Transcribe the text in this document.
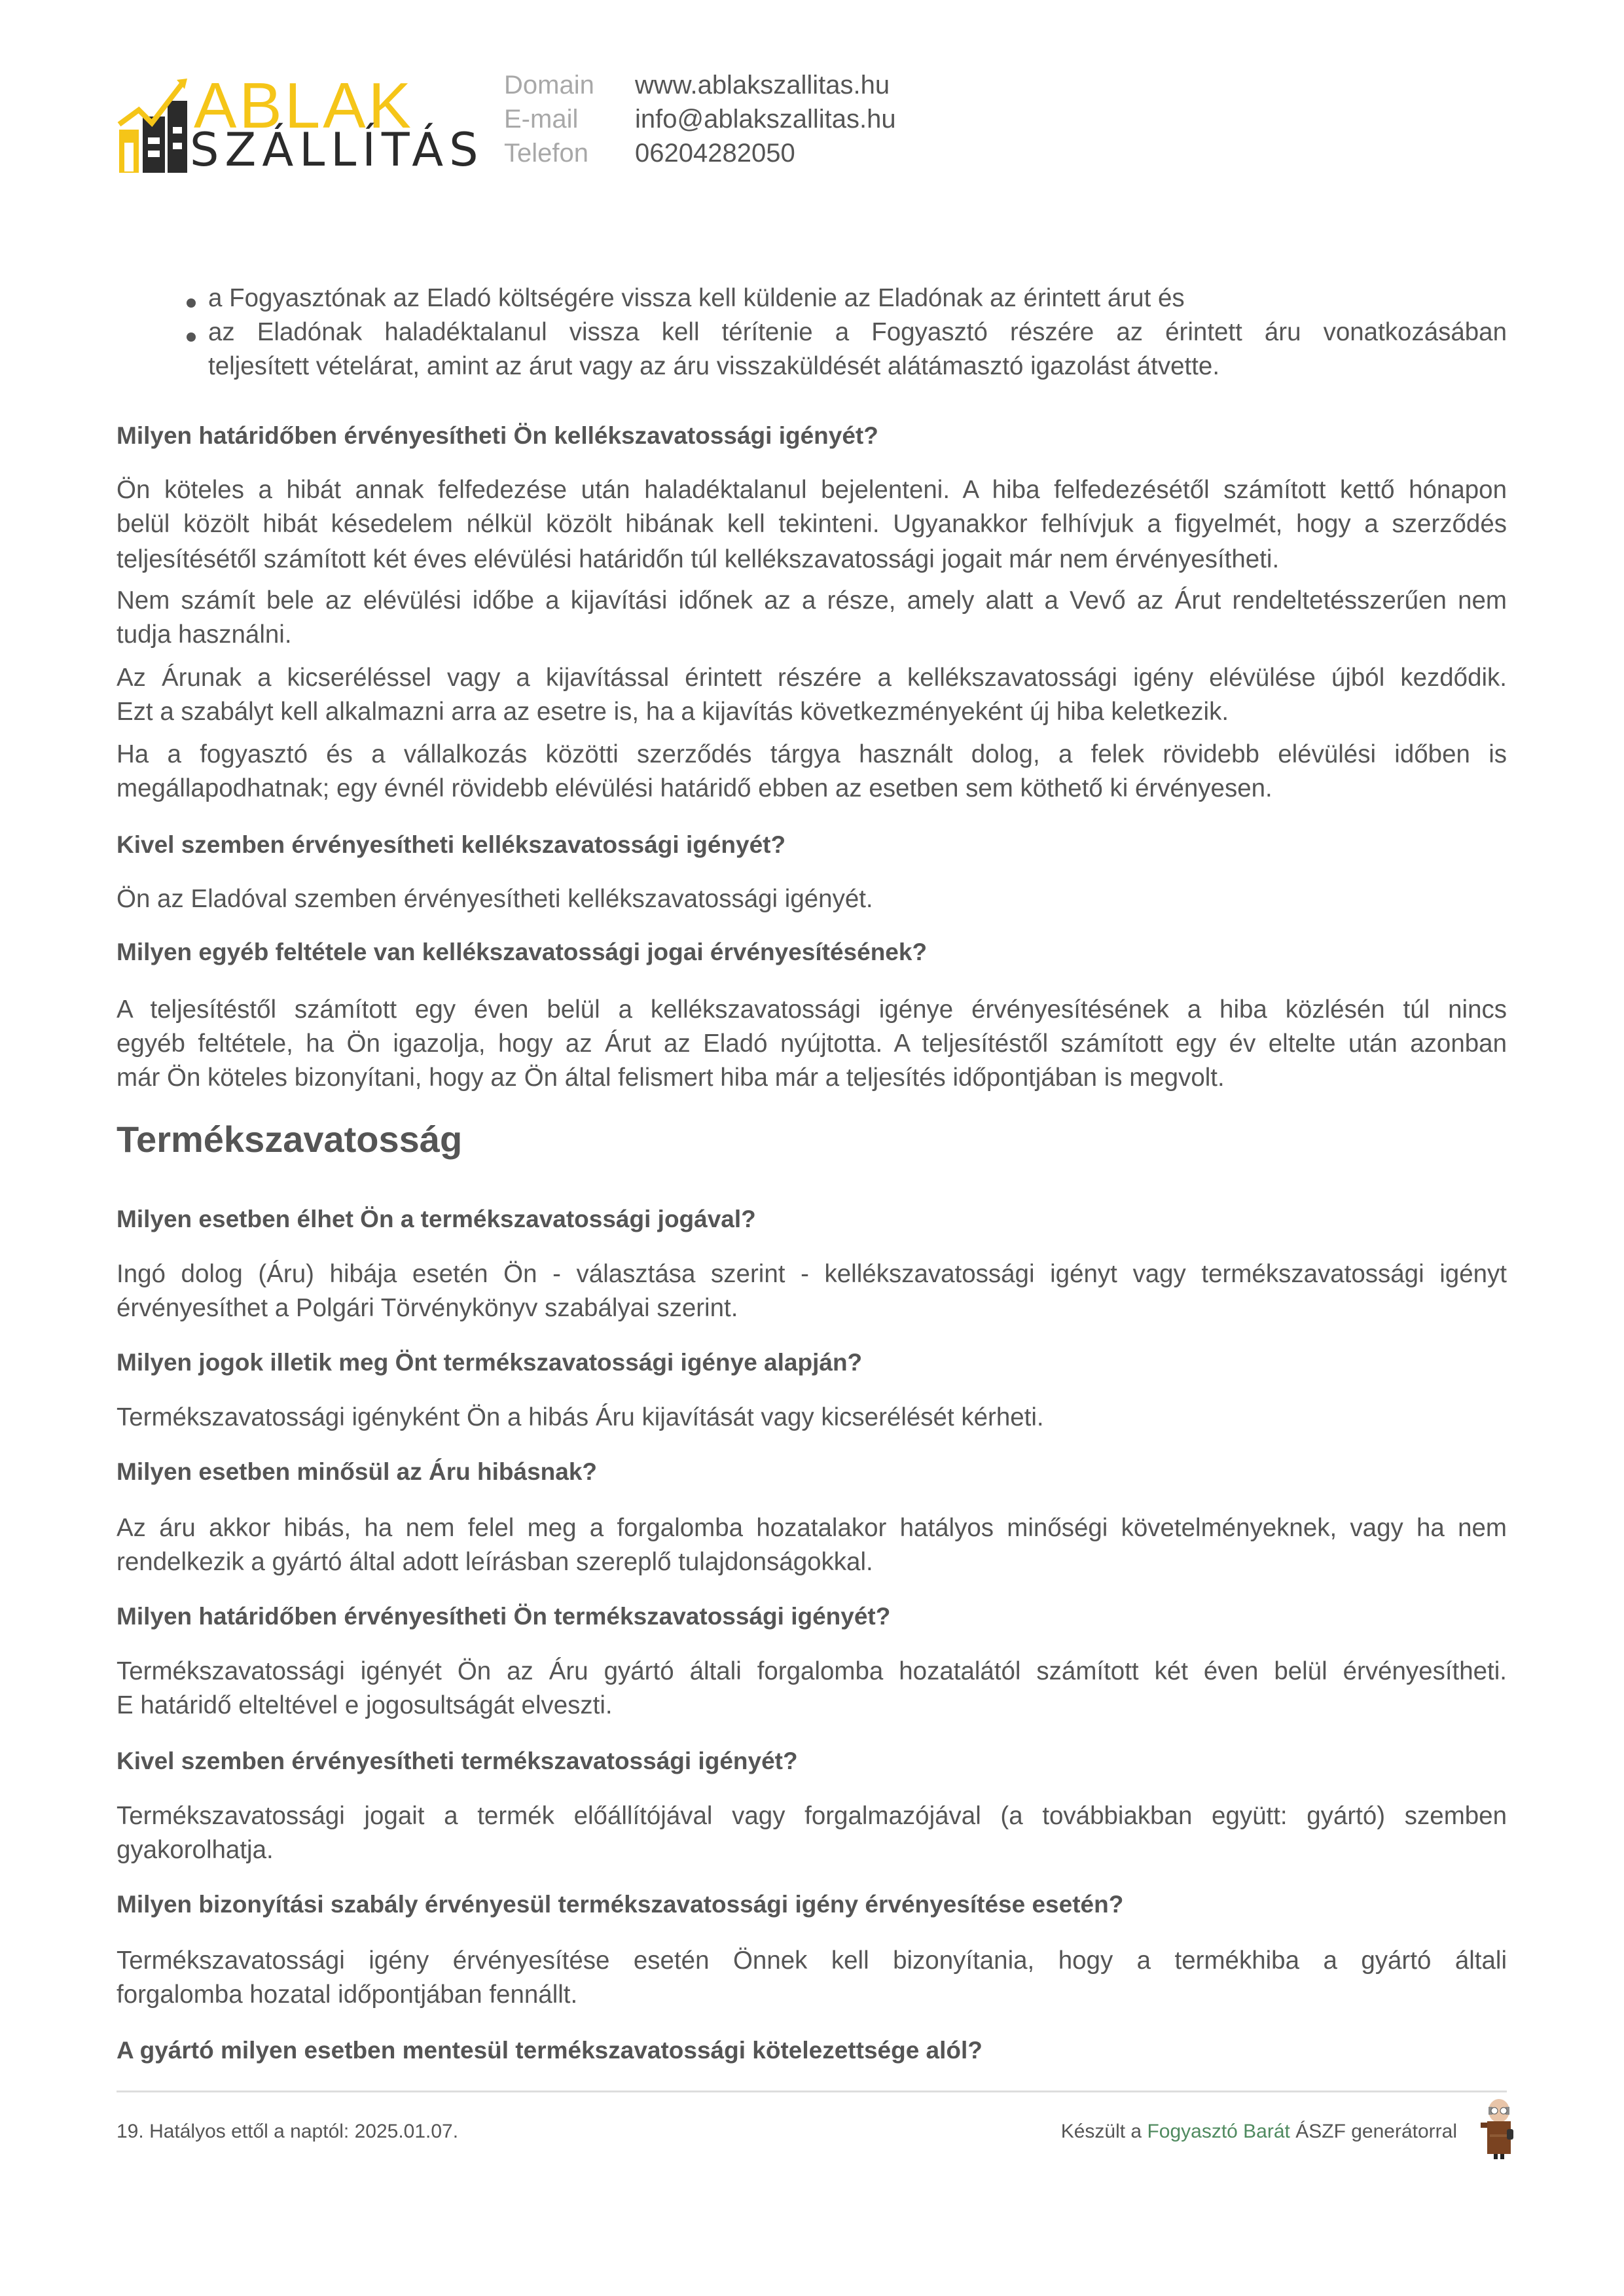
ABLAK
SZÁLLÍTÁS
Domain	www.ablakszallitas.hu
E-mail	info@ablakszallitas.hu
Telefon	06204282050
a Fogyasztónak az Eladó költségére vissza kell küldenie az Eladónak az érintett árut és
az Eladónak haladéktalanul vissza kell térítenie a Fogyasztó részére az érintett áru vonatkozásában
teljesített vételárat, amint az árut vagy az áru visszaküldését alátámasztó igazolást átvette.
Milyen határidőben érvényesítheti Ön kellékszavatossági igényét?
Ön köteles a hibát annak felfedezése után haladéktalanul bejelenteni. A hiba felfedezésétől számított kettő hónapon
belül közölt hibát késedelem nélkül közölt hibának kell tekinteni. Ugyanakkor felhívjuk a figyelmét, hogy a szerződés
teljesítésétől számított két éves elévülési határidőn túl kellékszavatossági jogait már nem érvényesítheti.
Nem számít bele az elévülési időbe a kijavítási időnek az a része, amely alatt a Vevő az Árut rendeltetésszerűen nem
tudja használni.
Az Árunak a kicseréléssel vagy a kijavítással érintett részére a kellékszavatossági igény elévülése újból kezdődik.
Ezt a szabályt kell alkalmazni arra az esetre is, ha a kijavítás következményeként új hiba keletkezik.
Ha a fogyasztó és a vállalkozás közötti szerződés tárgya használt dolog, a felek rövidebb elévülési időben is
megállapodhatnak; egy évnél rövidebb elévülési határidő ebben az esetben sem köthető ki érvényesen.
Kivel szemben érvényesítheti kellékszavatossági igényét?
Ön az Eladóval szemben érvényesítheti kellékszavatossági igényét.
Milyen egyéb feltétele van kellékszavatossági jogai érvényesítésének?
A teljesítéstől számított egy éven belül a kellékszavatossági igénye érvényesítésének a hiba közlésén túl nincs
egyéb feltétele, ha Ön igazolja, hogy az Árut az Eladó nyújtotta. A teljesítéstől számított egy év eltelte után azonban
már Ön köteles bizonyítani, hogy az Ön által felismert hiba már a teljesítés időpontjában is megvolt.
Termékszavatosság
Milyen esetben élhet Ön a termékszavatossági jogával?
Ingó dolog (Áru) hibája esetén Ön - választása szerint - kellékszavatossági igényt vagy termékszavatossági igényt
érvényesíthet a Polgári Törvénykönyv szabályai szerint.
Milyen jogok illetik meg Önt termékszavatossági igénye alapján?
Termékszavatossági igényként Ön a hibás Áru kijavítását vagy kicserélését kérheti.
Milyen esetben minősül az Áru hibásnak?
Az áru akkor hibás, ha nem felel meg a forgalomba hozatalakor hatályos minőségi követelményeknek, vagy ha nem
rendelkezik a gyártó által adott leírásban szereplő tulajdonságokkal.
Milyen határidőben érvényesítheti Ön termékszavatossági igényét?
Termékszavatossági igényét Ön az Áru gyártó általi forgalomba hozatalától számított két éven belül érvényesítheti.
E határidő elteltével e jogosultságát elveszti.
Kivel szemben érvényesítheti termékszavatossági igényét?
Termékszavatossági jogait a termék előállítójával vagy forgalmazójával (a továbbiakban együtt: gyártó) szemben
gyakorolhatja.
Milyen bizonyítási szabály érvényesül termékszavatossági igény érvényesítése esetén?
Termékszavatossági igény érvényesítése esetén Önnek kell bizonyítania, hogy a termékhiba a gyártó általi
forgalomba hozatal időpontjában fennállt.
A gyártó milyen esetben mentesül termékszavatossági kötelezettsége alól?
19. Hatályos ettől a naptól: 2025.01.07.	Készült a Fogyasztó Barát ÁSZF generátorral
